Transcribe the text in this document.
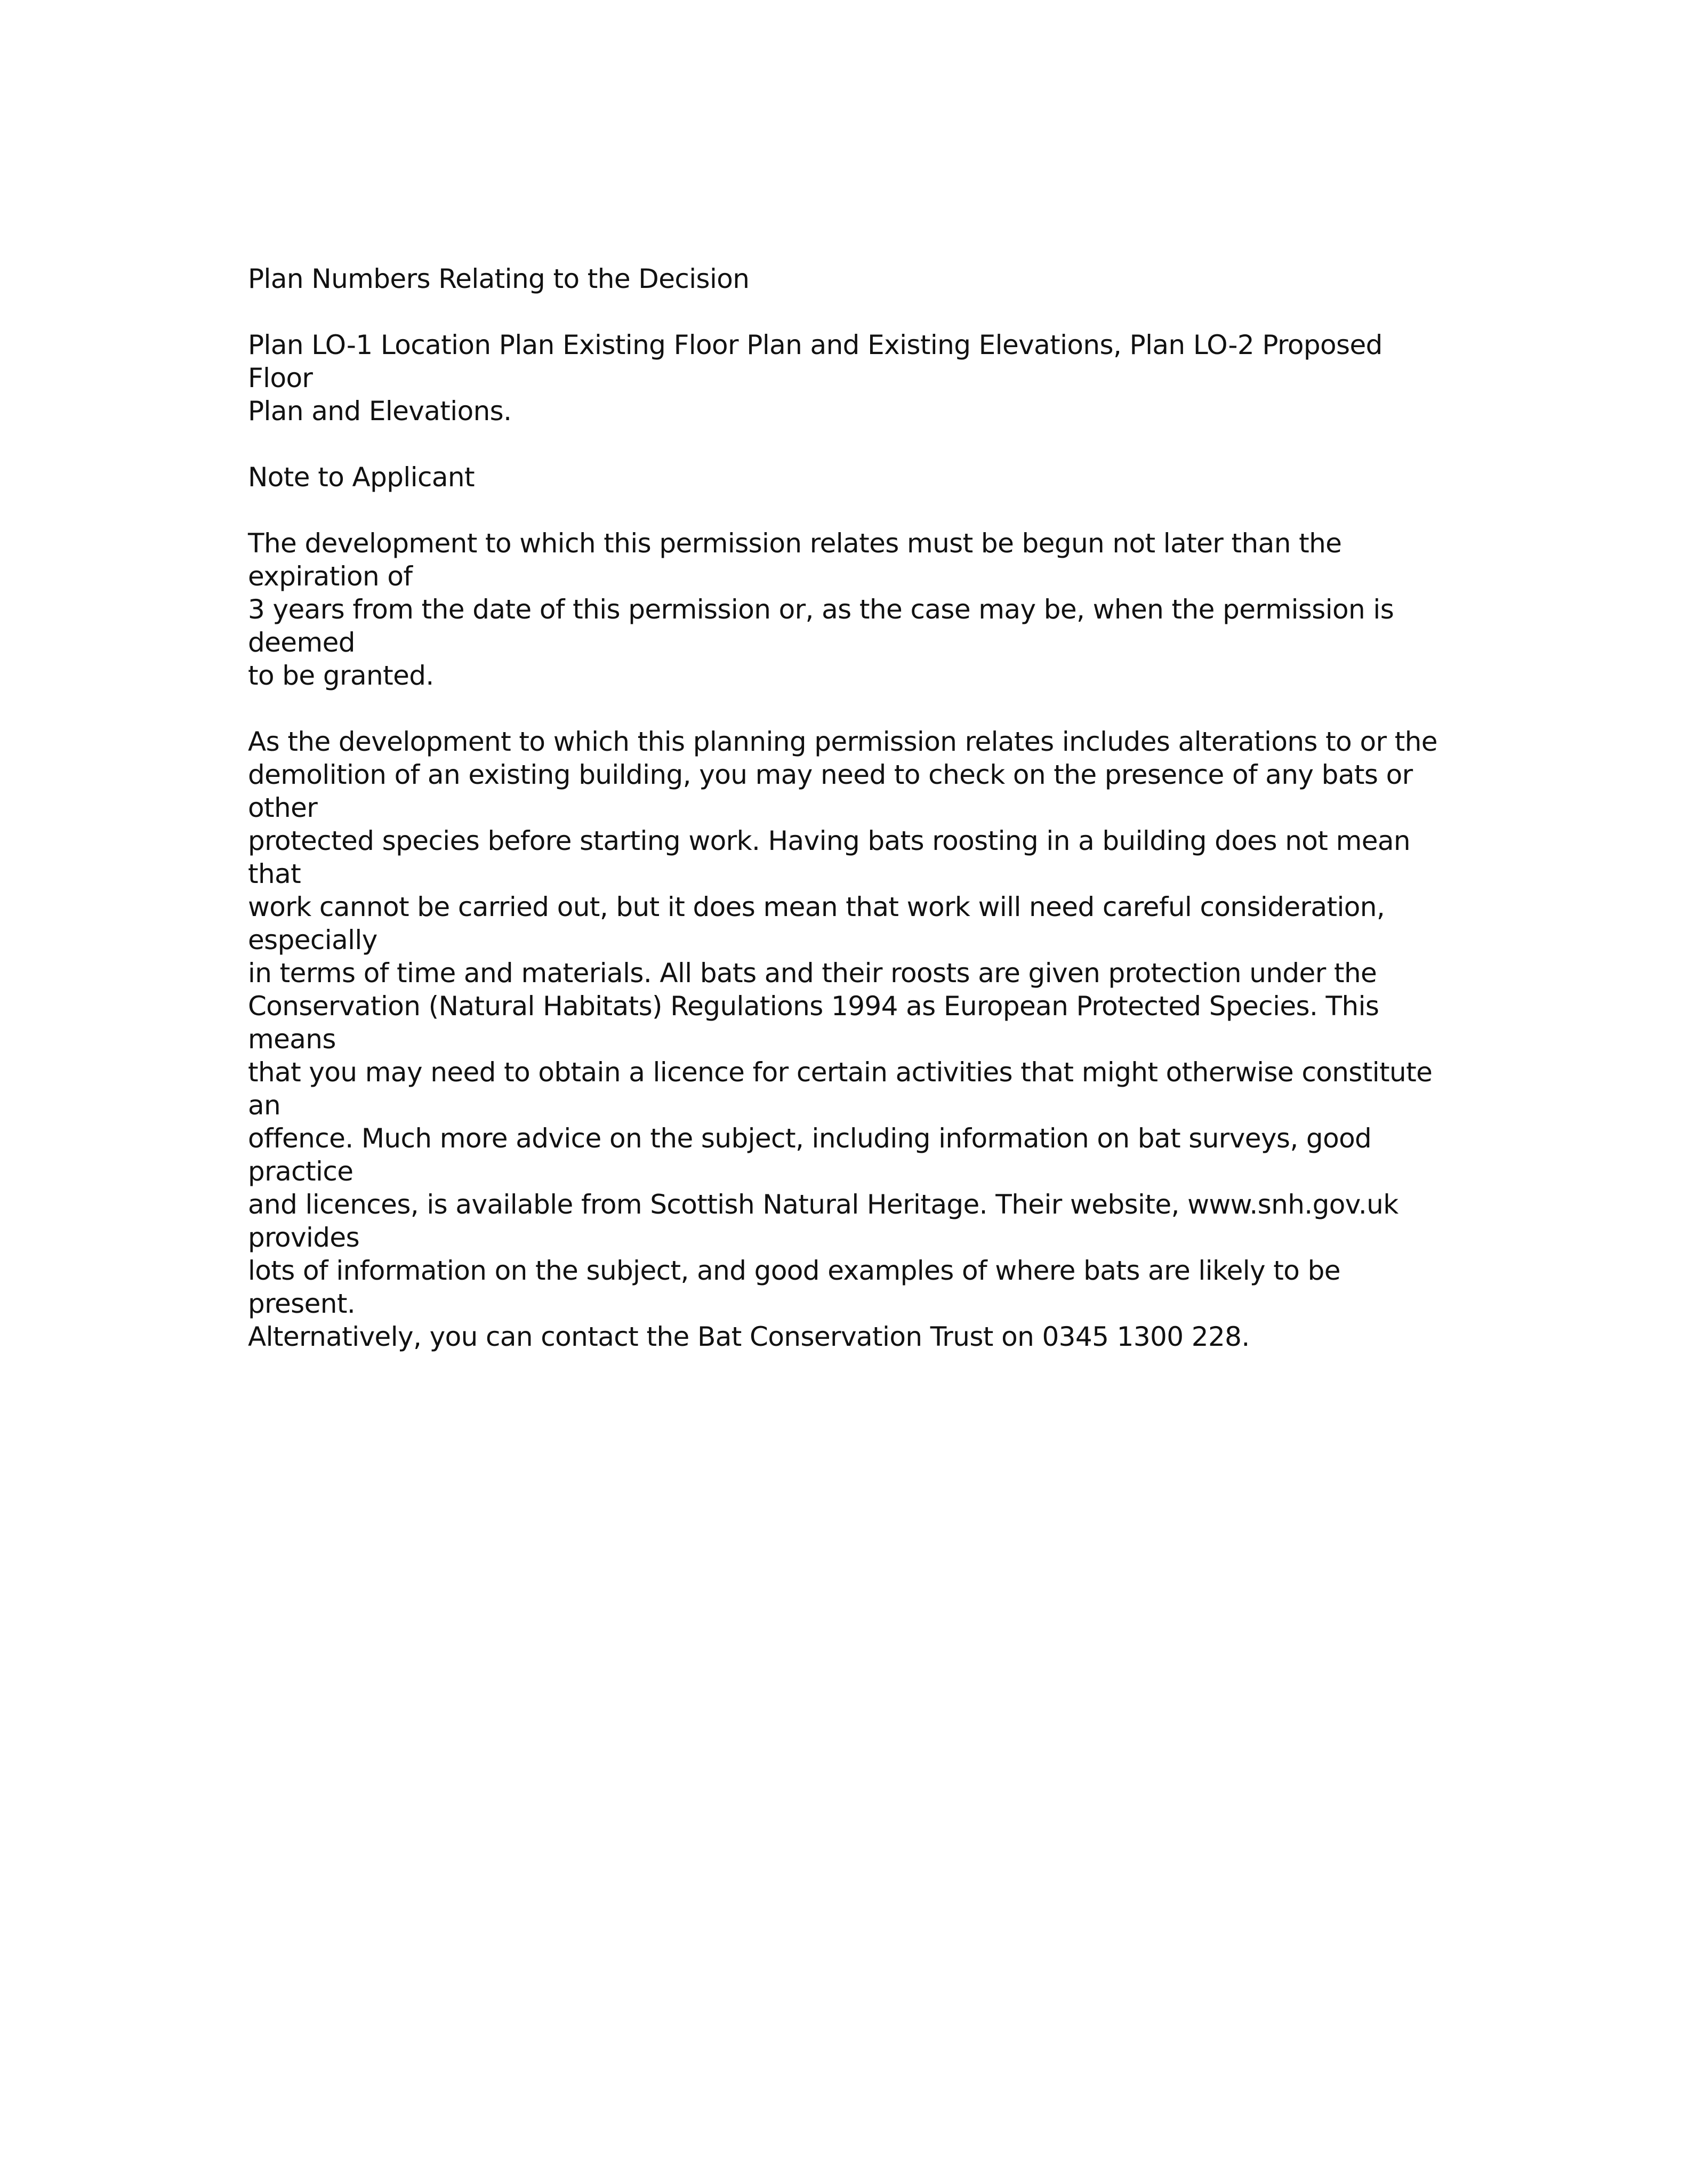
Plan Numbers Relating to the Decision

Plan LO-1 Location Plan Existing Floor Plan and Existing Elevations, Plan LO-2 Proposed Floor
Plan and Elevations.

Note to Applicant

The development to which this permission relates must be begun not later than the expiration of
3 years from the date of this permission or, as the case may be, when the permission is deemed
to be granted.

As the development to which this planning permission relates includes alterations to or the
demolition of an existing building, you may need to check on the presence of any bats or other
protected species before starting work. Having bats roosting in a building does not mean that
work cannot be carried out, but it does mean that work will need careful consideration, especially
in terms of time and materials. All bats and their roosts are given protection under the
Conservation (Natural Habitats) Regulations 1994 as European Protected Species. This means
that you may need to obtain a licence for certain activities that might otherwise constitute an
offence. Much more advice on the subject, including information on bat surveys, good practice
and licences, is available from Scottish Natural Heritage. Their website, www.snh.gov.uk provides
lots of information on the subject, and good examples of where bats are likely to be present.
Alternatively, you can contact the Bat Conservation Trust on 0345 1300 228.
